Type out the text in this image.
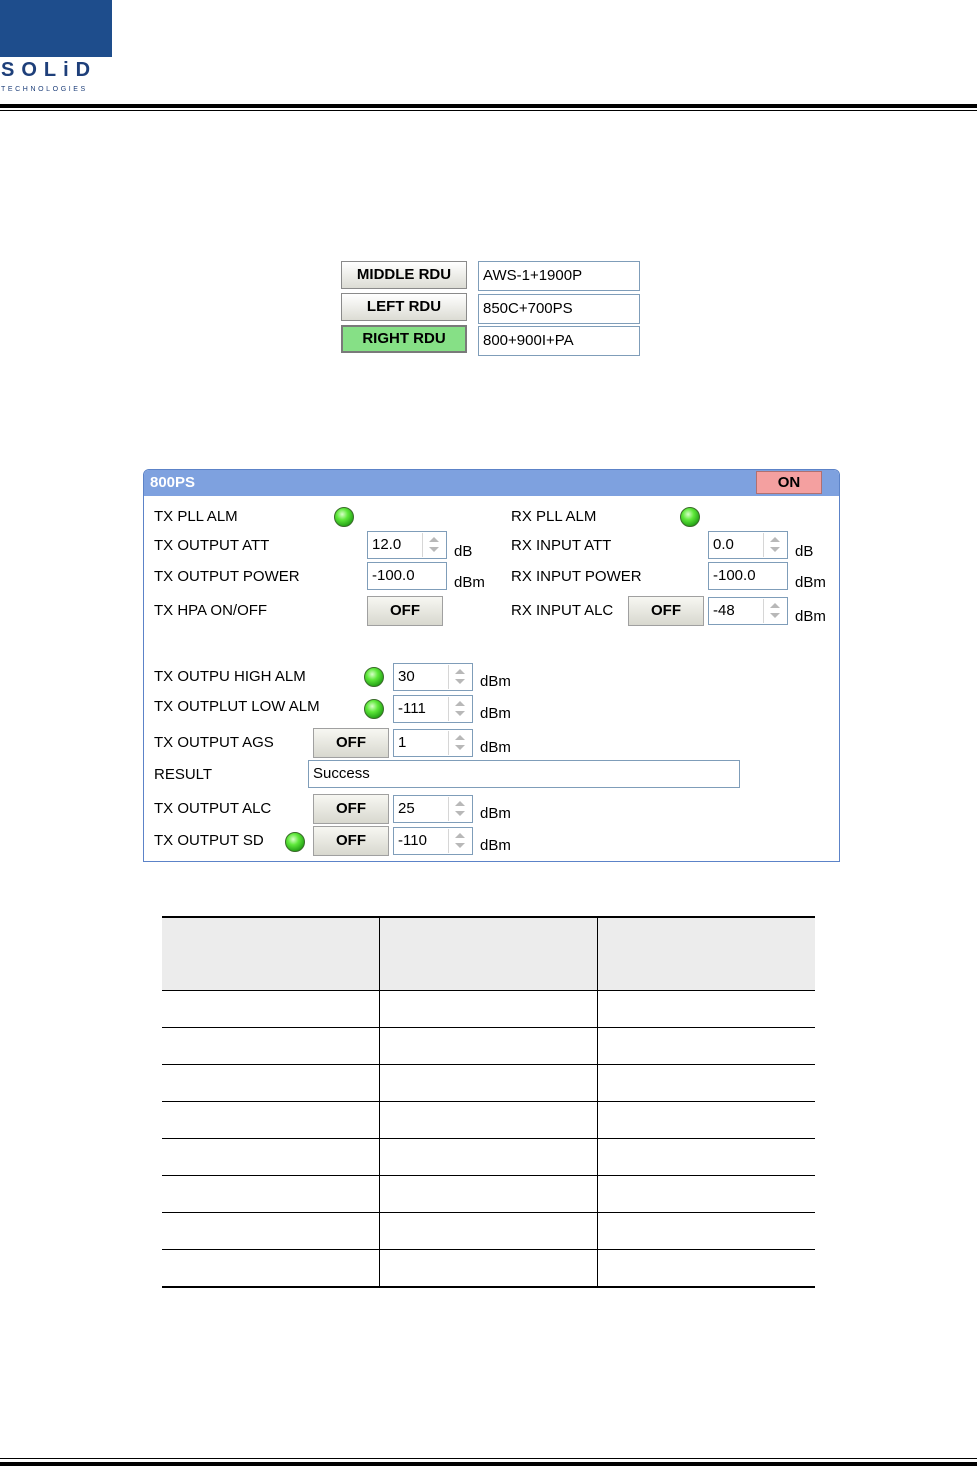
SOLiD
TECHNOLOGIES
MIDDLE RDU	AWS-1+1900P
LEFT RDU	850C+700PS
RIGHT RDU	800+900I+PA
800PS	ON
TX PLL ALM	RX PLL ALM
TX OUTPUT ATT	12.0	dB	RX INPUT ATT	0.0	dB
TX OUTPUT POWER	-100.0	dBm RX INPUT POWER	-100.0	dBm
TX HPA ON/OFF	OFF	RX INPUT ALC	OFF	-48	dBm
TX OUTPU HIGH ALM	30	dBm
TX OUTPLUT LOW ALM	-111	dBm
TX OUTPUT AGS	OFF	1	dBm
RESULT	Success
TX OUTPUT ALC	OFF	25	dBm
TX OUTPUT SD	OFF	-110	dBm
